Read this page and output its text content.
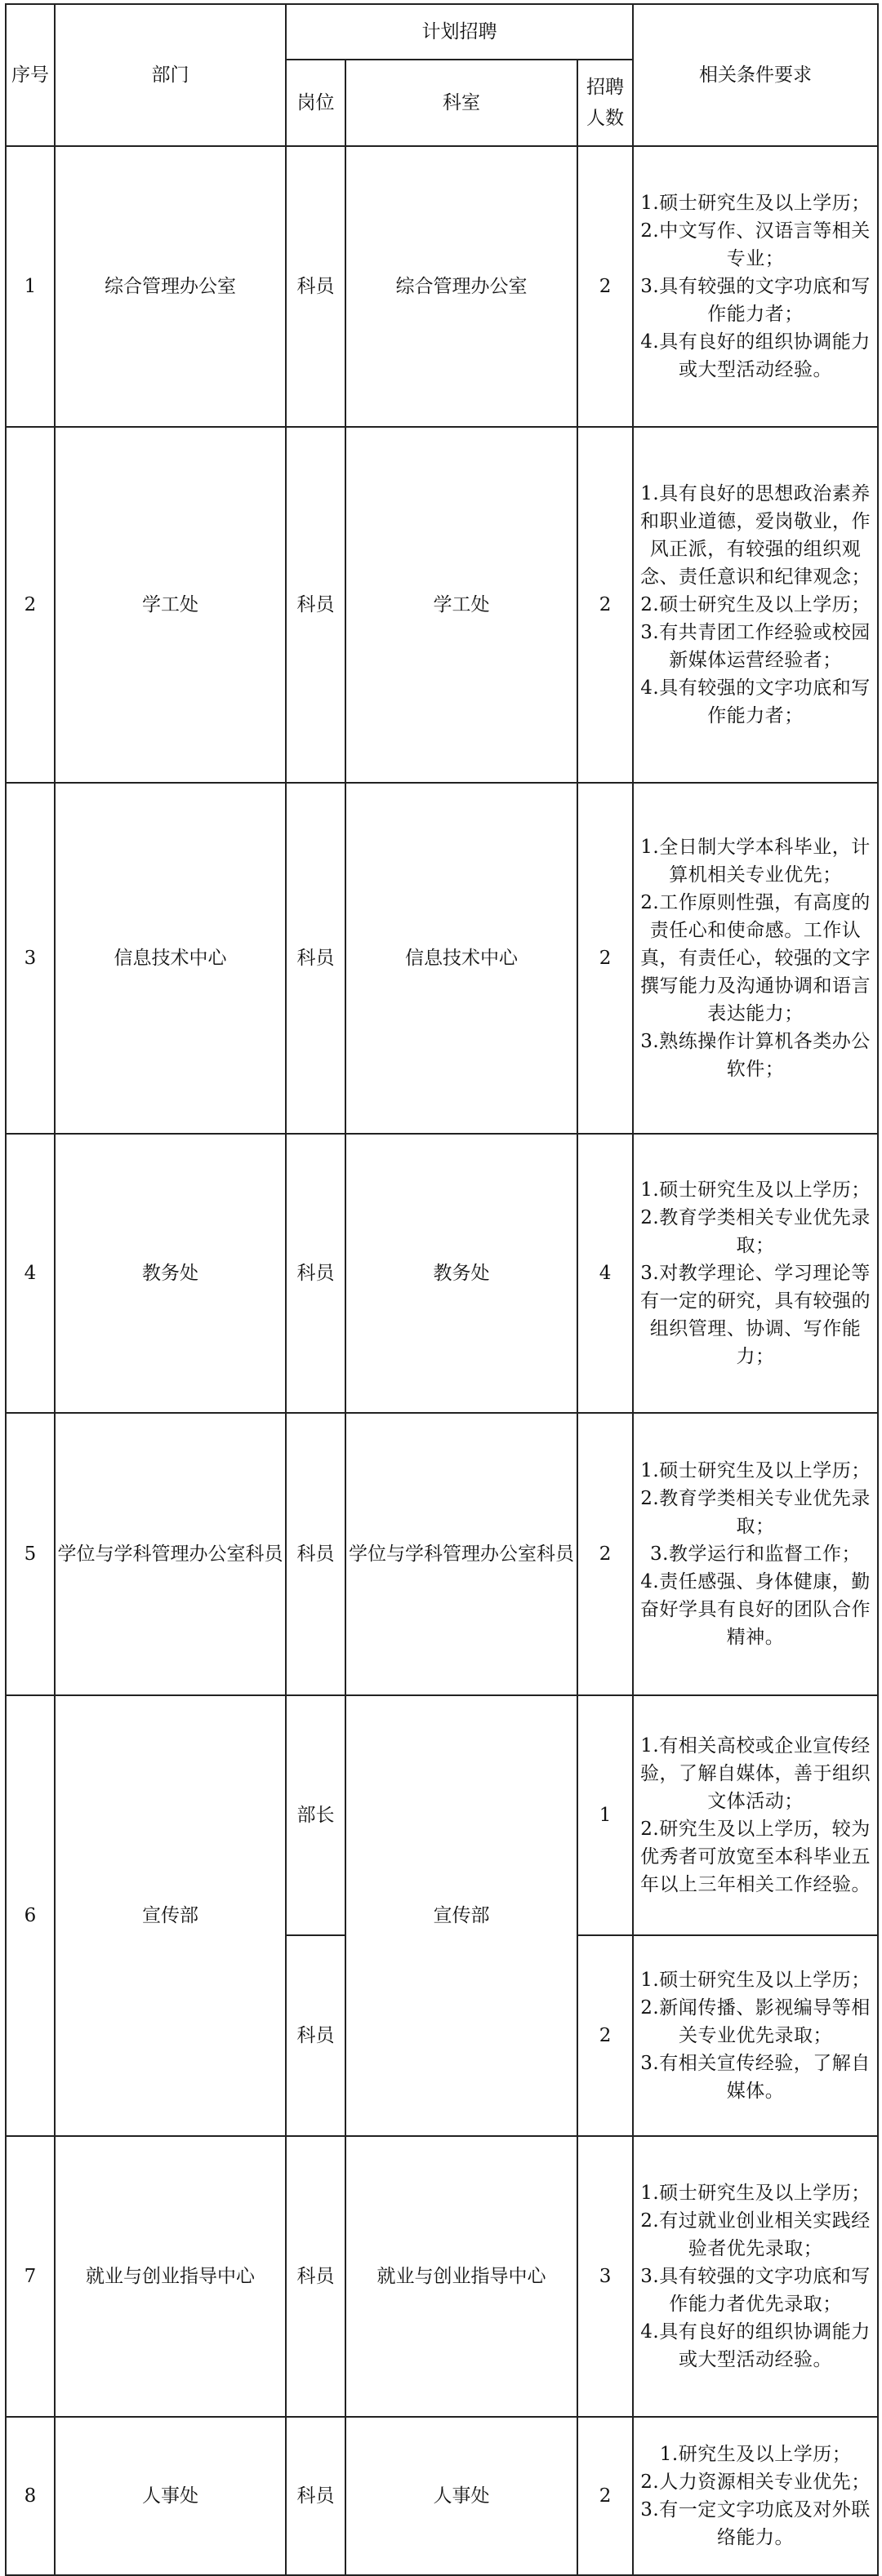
序号	部门	计划招聘			相关条件要求
		岗位	科室	招聘
人数	

1	综合管理办公室	科员	综合管理办公室	2	1.硕士研究生及以上学历；
2.中文写作、汉语言等相关专业；
3.具有较强的文字功底和写作能力者；
4.具有良好的组织协调能力或大型活动经验。

2	学工处	科员	学工处	2	1.具有良好的思想政治素养和职业道德，爱岗敬业，作风正派，有较强的组织观念、责任意识和纪律观念；
2.硕士研究生及以上学历；
3.有共青团工作经验或校园新媒体运营经验者；
4.具有较强的文字功底和写作能力者；

3	信息技术中心	科员	信息技术中心	2	1.全日制大学本科毕业，计算机相关专业优先；
2.工作原则性强，有高度的责任心和使命感。工作认真，有责任心，较强的文字撰写能力及沟通协调和语言表达能力；
3.熟练操作计算机各类办公软件；

4	教务处	科员	教务处	4	1.硕士研究生及以上学历；
2.教育学类相关专业优先录取；
3.对教学理论、学习理论等有一定的研究，具有较强的组织管理、协调、写作能力；

5	学位与学科管理办公室科员	科员	学位与学科管理办公室科员	2	1.硕士研究生及以上学历；
2.教育学类相关专业优先录取；
3.教学运行和监督工作；
4.责任感强、身体健康，勤奋好学具有良好的团队合作精神。

6	宣传部	部长	宣传部	1	1.有相关高校或企业宣传经验，了解自媒体，善于组织文体活动；
2.研究生及以上学历，较为优秀者可放宽至本科毕业五年以上三年相关工作经验。

		科员		2	1.硕士研究生及以上学历；
2.新闻传播、影视编导等相关专业优先录取；
3.有相关宣传经验，了解自媒体。

7	就业与创业指导中心	科员	就业与创业指导中心	3	1.硕士研究生及以上学历；
2.有过就业创业相关实践经验者优先录取；
3.具有较强的文字功底和写作能力者优先录取；
4.具有良好的组织协调能力或大型活动经验。

8	人事处	科员	人事处	2	1.研究生及以上学历；
2.人力资源相关专业优先；
3.有一定文字功底及对外联络能力。
